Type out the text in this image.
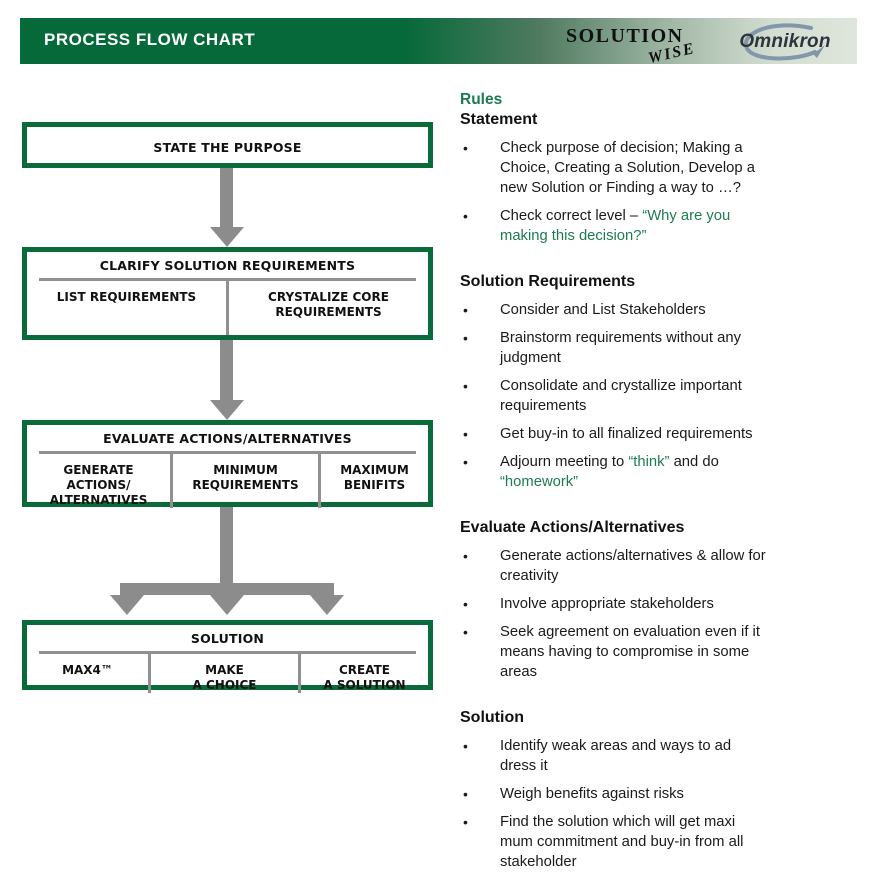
PROCESS FLOW CHART	SOLUTION
WISE	Omnikron
STATE THE PURPOSE
CLARIFY SOLUTION REQUIREMENTS
LIST REQUIREMENTS	CRYSTALIZE CORE
REQUIREMENTS
EVALUATE ACTIONS/ALTERNATIVES
GENERATE
ACTIONS/
ALTERNATIVES
MINIMUM
REQUIREMENTS
MAXIMUM
BENIFITS
SOLUTION
MAX4™	MAKE
A CHOICE
CREATE
A SOLUTION
Rules
Statement
•	Check purpose of decision; Making a
Choice, Creating a Solution, Develop a
new Solution or Finding a way to …?
•	Check correct level – “Why are you
making this decision?”
Solution Requirements
•	Consider and List Stakeholders
•	Brainstorm requirements without any
judgment
•	Consolidate and crystallize important
requirements
•	Get buy-in to all finalized requirements
•	Adjourn meeting to “think” and do
“homework”
Evaluate Actions/Alternatives
•	Generate actions/alternatives & allow for
creativity
•	Involve appropriate stakeholders
•	Seek agreement on evaluation even if it
means having to compromise in some
areas
Solution
•	Identify weak areas and ways to ad
dress it
•	Weigh benefits against risks
•	Find the solution which will get maxi
mum commitment and buy-in from all
stakeholder
